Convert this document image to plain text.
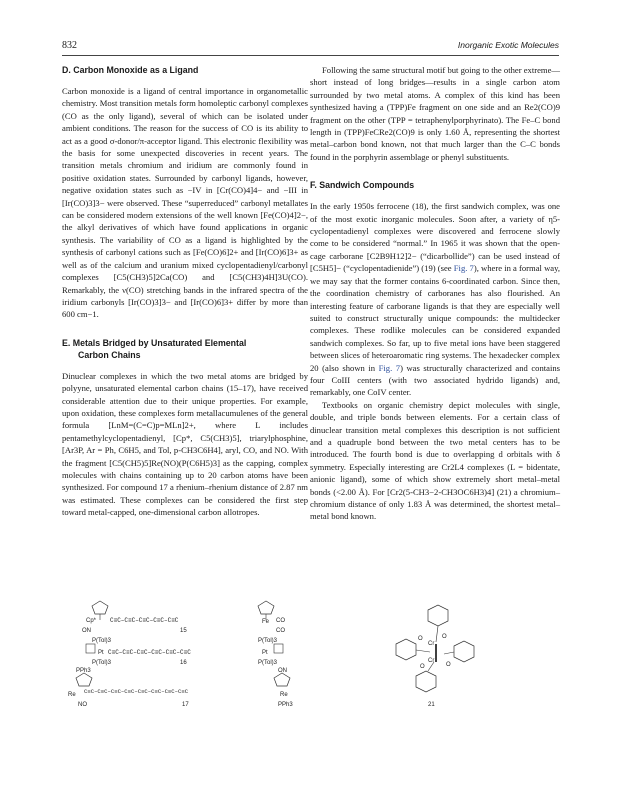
832	Inorganic Exotic Molecules
D. Carbon Monoxide as a Ligand

Carbon monoxide is a ligand of central importance in organometallic chemistry. Most transition metals form homoleptic carbonyl complexes (CO as the only ligand), several of which can be isolated under ambient conditions. The reason for the success of CO is its ability to act as a good σ-donor/π-acceptor ligand. This electronic flexibility was the basis for some unexpected discoveries in recent years. The transition metals chromium and iridium are commonly found in positive oxidation states. Surrounded by carbonyl ligands, however, negative oxidation states such as −IV in [Cr(CO)4]4− and −III in [Ir(CO)3]3− were observed. These “superreduced” carbonyl metallates can be considered modern extensions of the well known [Fe(CO)4]2−, the alkyl derivatives of which have found applications in organic synthesis. The variability of CO as a ligand is highlighted by the synthesis of carbonyl cations such as [Fe(CO)6]2+ and [Ir(CO)6]3+ as well as of the calcium and uranium mixed cyclopentadienyl/carbonyl complexes [C5(CH3)5]2Ca(CO) and [C5(CH3)4H]3U(CO). Remarkably, the ν(CO) stretching bands in the infrared spectra of the iridium carbonyls [Ir(CO)3]3− and [Ir(CO)6]3+ differ by more than 600 cm−1.

E. Metals Bridged by Unsaturated Elemental
Carbon Chains

Dinuclear complexes in which the two metal atoms are bridged by polyyne, unsaturated elemental carbon chains (15–17), have received considerable attention due to their unique properties. For example, upon oxidation, these complexes form metallacumulenes of the general formula [LnM=(C=C)p=MLn]2+, where L includes pentamethylcyclopentadienyl, [Cp*, C5(CH3)5], triarylphosphine, [Ar3P, Ar = Ph, C6H5, and Tol, p-CH3C6H4], aryl, CO, and NO. With the fragment [C5(CH5)5]Re(NO)(P(C6H5)3] as the capping, complex molecules with chains containing up to 20 carbon atoms have been synthesized. For compound 17 a rhenium–rhenium distance of 2.87 nm was estimated. These complexes can be considered the first step toward metal-capped, one-dimensional carbon allotropes.

Following the same structural motif but going to the other extreme—short instead of long bridges—results in a single carbon atom surrounded by two metal atoms. A complex of this kind has been synthesized having a (TPP)Fe fragment on one side and an Re2(CO)9 fragment on the other (TPP = tetraphenylporphyrinato). The Fe–C bond length in (TPP)FeCRe2(CO)9 is only 1.60 Å, representing the shortest metal–carbon bond known, not that much larger than the C–C bonds found in the porphyrin assemblage or phenyl substituents.

F. Sandwich Compounds

In the early 1950s ferrocene (18), the first sandwich complex, was one of the most exotic inorganic molecules. Soon after, a variety of η5-cyclopentadienyl complexes were discovered and ferrocene slowly come to be considered “normal.” In 1965 it was shown that the open-cage carborane [C2B9H12]2− (“dicarbollide”) can be used instead of [C5H5]− (“cyclopentadienide”) (19) (see Fig. 7), where in a formal way, we may say that the former contains 6-coordinated carbon. Since then, the coordination chemistry of carboranes has also flourished. An interesting feature of carborane ligands is that they are especially well suited to construct structurally unique compounds: the multidecker complexes. These rodlike molecules can be considered expanded sandwich complexes. So far, up to five metal ions have been staggered between slices of heteroaromatic ring systems. The hexadecker complex 20 (also shown in Fig. 7) was structurally characterized and contains four CoIII centers (with two associated hydrido ligands) and, remarkably, one CoIV center.

Textbooks on organic chemistry depict molecules with single, double, and triple bonds between elements. For a certain class of dinuclear transition metal complexes this description is not sufficient and a quadruple bond between the two metal centers has to be introduced. The fourth bond is due to overlapping d orbitals with δ symmetry. Especially interesting are Cr2L4 complexes (L = bidentate, anionic ligand), some of which show extremely short metal–metal bonds (<2.00 Å). For [Cr2(5-CH3−2-CH3OC6H3)4] (21) a chromium–chromium distance of only 1.83 Å was determined, the shortest metal–metal bond known.

C≡C–C≡C–C≡C–C≡C–C≡C
ON	15	CO
Cp*	Fe CO
Pt C≡C–C≡C–C≡C–C≡C–C≡C–C≡C	Pt
P(Tol)3
P(Tol)3	16
P(Tol)3
P(Tol)3
Re C≡C–C≡C–C≡C–C≡C–C≡C–C≡C–C≡C–C≡C	Re
PPh3
NO	17
ON
PPh3
Cr
Cr
O
O
O
O
21
